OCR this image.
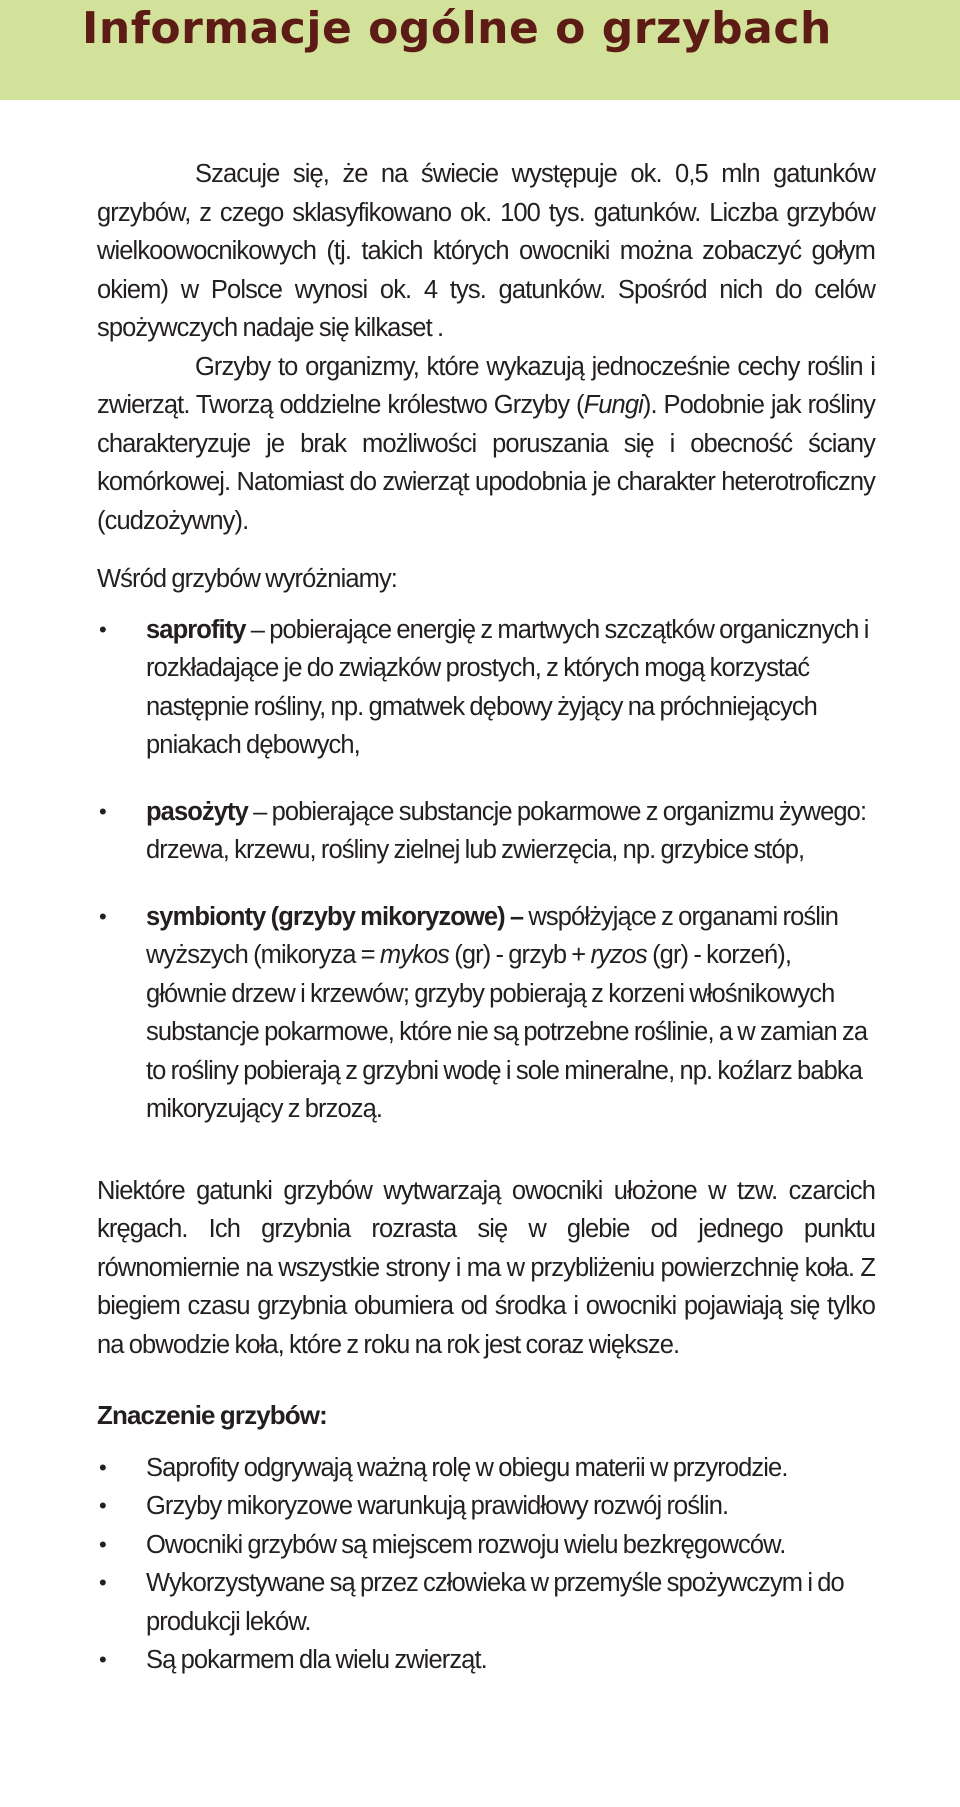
Informacje ogólne o grzybach

Szacuje się, że na świecie występuje ok. 0,5 mln gatunków grzybów, z czego sklasyfikowano ok. 100 tys. gatunków. Liczba grzybów wielkoowocnikowych (tj. takich których owocniki można zobaczyć gołym okiem) w Polsce wynosi ok. 4 tys. gatunków. Spośród nich do celów spożywczych nadaje się kilkaset .

Grzyby to organizmy, które wykazują jednocześnie cechy roślin i zwierząt. Tworzą oddzielne królestwo Grzyby (Fungi). Podobnie jak rośliny charakteryzuje je brak możliwości poruszania się i obecność ściany komórkowej. Natomiast do zwierząt upodobnia je charakter heterotroficzny (cudzożywny).

Wśród grzybów wyróżniamy:

• saprofity – pobierające energię z martwych szczątków organicznych i rozkładające je do związków prostych, z których mogą korzystać następnie rośliny, np. gmatwek dębowy żyjący na próchniejących pniakach dębowych,
• pasożyty – pobierające substancje pokarmowe z organizmu żywego: drzewa, krzewu, rośliny zielnej lub zwierzęcia, np. grzybice stóp,
• symbionty (grzyby mikoryzowe) – współżyjące z organami roślin wyższych (mikoryza = mykos (gr) - grzyb + ryzos (gr) - korzeń), głównie drzew i krzewów; grzyby pobierają z korzeni włośnikowych substancje pokarmowe, które nie są potrzebne roślinie, a w zamian za to rośliny pobierają z grzybni wodę i sole mineralne, np. koźlarz babka mikoryzujący z brzozą.

Niektóre gatunki grzybów wytwarzają owocniki ułożone w tzw. czarcich kręgach. Ich grzybnia rozrasta się w glebie od jednego punktu równomiernie na wszystkie strony i ma w przybliżeniu powierzchnię koła. Z biegiem czasu grzybnia obumiera od środka i owocniki pojawiają się tylko na obwodzie koła, które z roku na rok jest coraz większe.

Znaczenie grzybów:
• Saprofity odgrywają ważną rolę w obiegu materii w przyrodzie.
• Grzyby mikoryzowe warunkują prawidłowy rozwój roślin.
• Owocniki grzybów są miejscem rozwoju wielu bezkręgowców.
• Wykorzystywane są przez człowieka w przemyśle spożywczym i do produkcji leków.
• Są pokarmem dla wielu zwierząt.
